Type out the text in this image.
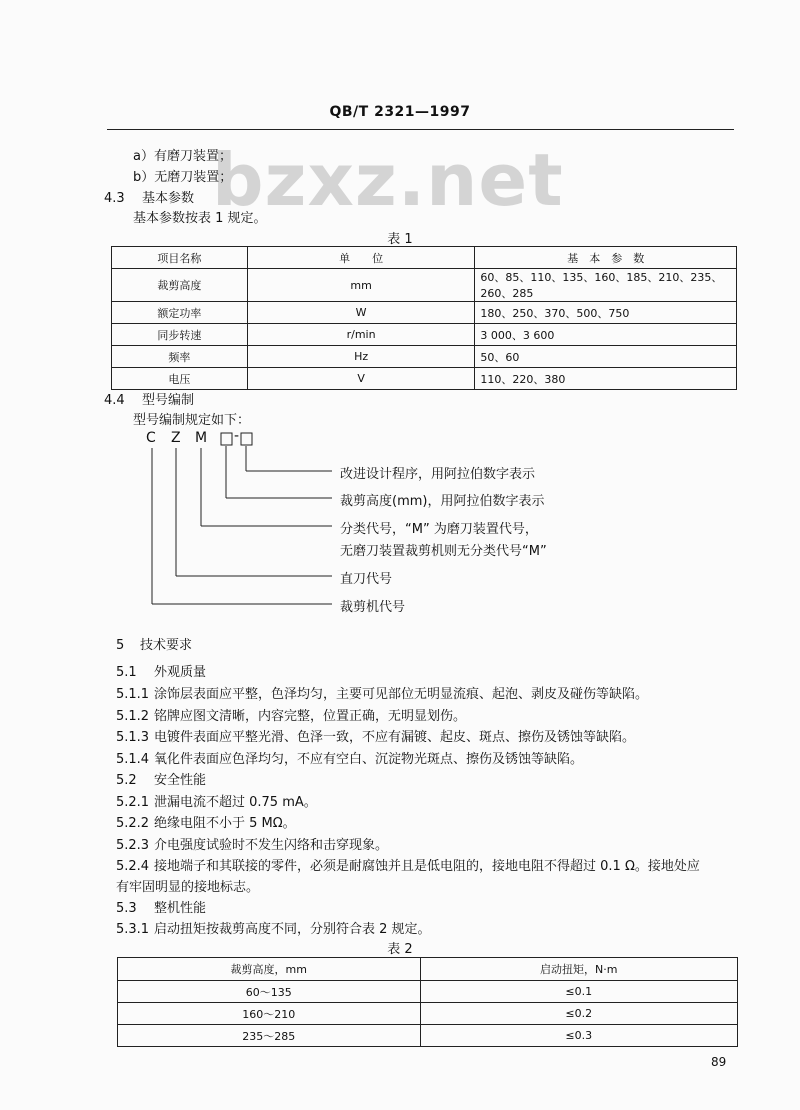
bzxz.net
QB/T 2321—1997
a）有磨刀装置；
b）无磨刀装置；
4.3 基本参数
基本参数按表 1 规定。
表 1
项目名称	单　　位	基　本　参　数
裁剪高度	mm	60、85、110、135、160、185、210、235、260、285
额定功率	W	180、250、370、500、750
同步转速	r/min	3 000、3 600
频率	Hz	50、60
电压	V	110、220、380
4.4 型号编制
型号编制规定如下：
C Z M -
改进设计程序，用阿拉伯数字表示
裁剪高度(mm)，用阿拉伯数字表示
分类代号，“M” 为磨刀装置代号，
无磨刀装置裁剪机则无分类代号“M”
直刀代号
裁剪机代号
5 技术要求
5.1 外观质量
5.1.1 涂饰层表面应平整，色泽均匀，主要可见部位无明显流痕、起泡、剥皮及碰伤等缺陷。
5.1.2 铭牌应图文清晰，内容完整，位置正确，无明显划伤。
5.1.3 电镀件表面应平整光滑、色泽一致，不应有漏镀、起皮、斑点、擦伤及锈蚀等缺陷。
5.1.4 氧化件表面应色泽均匀，不应有空白、沉淀物光斑点、擦伤及锈蚀等缺陷。
5.2 安全性能
5.2.1 泄漏电流不超过 0.75 mA。
5.2.2 绝缘电阻不小于 5 MΩ。
5.2.3 介电强度试验时不发生闪络和击穿现象。
5.2.4 接地端子和其联接的零件，必须是耐腐蚀并且是低电阻的，接地电阻不得超过 0.1 Ω。接地处应
有牢固明显的接地标志。
5.3 整机性能
5.3.1 启动扭矩按裁剪高度不同，分别符合表 2 规定。
表 2
裁剪高度，mm	启动扭矩，N·m
60～135	≤0.1
160～210	≤0.2
235～285	≤0.3
89
